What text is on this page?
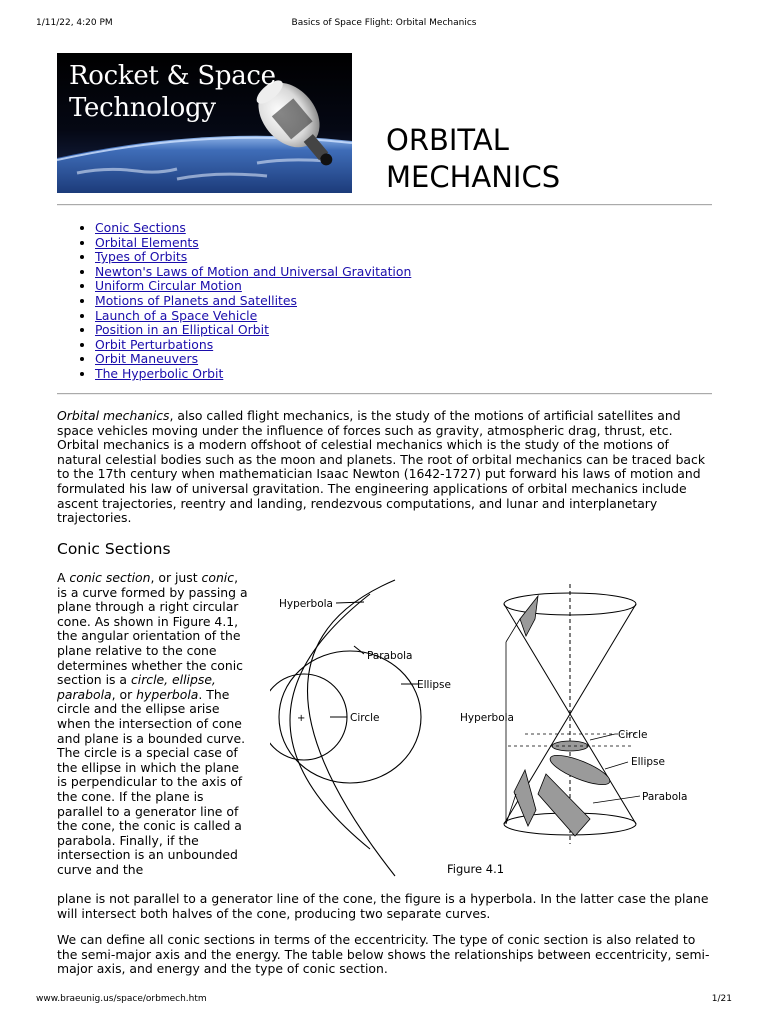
1/11/22, 4:20 PM	Basics of Space Flight: Orbital Mechanics
Rocket & Space
Technology
ORBITAL
MECHANICS
• Conic Sections
• Orbital Elements
• Types of Orbits
• Newton's Laws of Motion and Universal Gravitation
• Uniform Circular Motion
• Motions of Planets and Satellites
• Launch of a Space Vehicle
• Position in an Elliptical Orbit
• Orbit Perturbations
• Orbit Maneuvers
• The Hyperbolic Orbit

Orbital mechanics, also called flight mechanics, is the study of the motions of artificial satellites and space vehicles moving under the influence of forces such as gravity, atmospheric drag, thrust, etc. Orbital mechanics is a modern offshoot of celestial mechanics which is the study of the motions of natural celestial bodies such as the moon and planets. The root of orbital mechanics can be traced back to the 17th century when mathematician Isaac Newton (1642-1727) put forward his laws of motion and formulated his law of universal gravitation. The engineering applications of orbital mechanics include ascent trajectories, reentry and landing, rendezvous computations, and lunar and interplanetary trajectories.

Conic Sections

A conic section, or just conic, is a curve formed by passing a plane through a right circular cone. As shown in Figure 4.1, the angular orientation of the plane relative to the cone determines whether the conic section is a circle, ellipse, parabola, or hyperbola. The circle and the ellipse arise when the intersection of cone and plane is a bounded curve. The circle is a special case of the ellipse in which the plane is perpendicular to the axis of the cone. If the plane is parallel to a generator line of the cone, the conic is called a parabola. Finally, if the intersection is an unbounded curve and the

plane is not parallel to a generator line of the cone, the figure is a hyperbola. In the latter case the plane will intersect both halves of the cone, producing two separate curves.

We can define all conic sections in terms of the eccentricity. The type of conic section is also related to the semi-major axis and the energy. The table below shows the relationships between eccentricity, semi-major axis, and energy and the type of conic section.

Hyperbola
Parabola
Ellipse
Circle
+	Hyperbola
Circle
Ellipse
Parabola
Figure 4.1
www.braeunig.us/space/orbmech.htm	1/21
